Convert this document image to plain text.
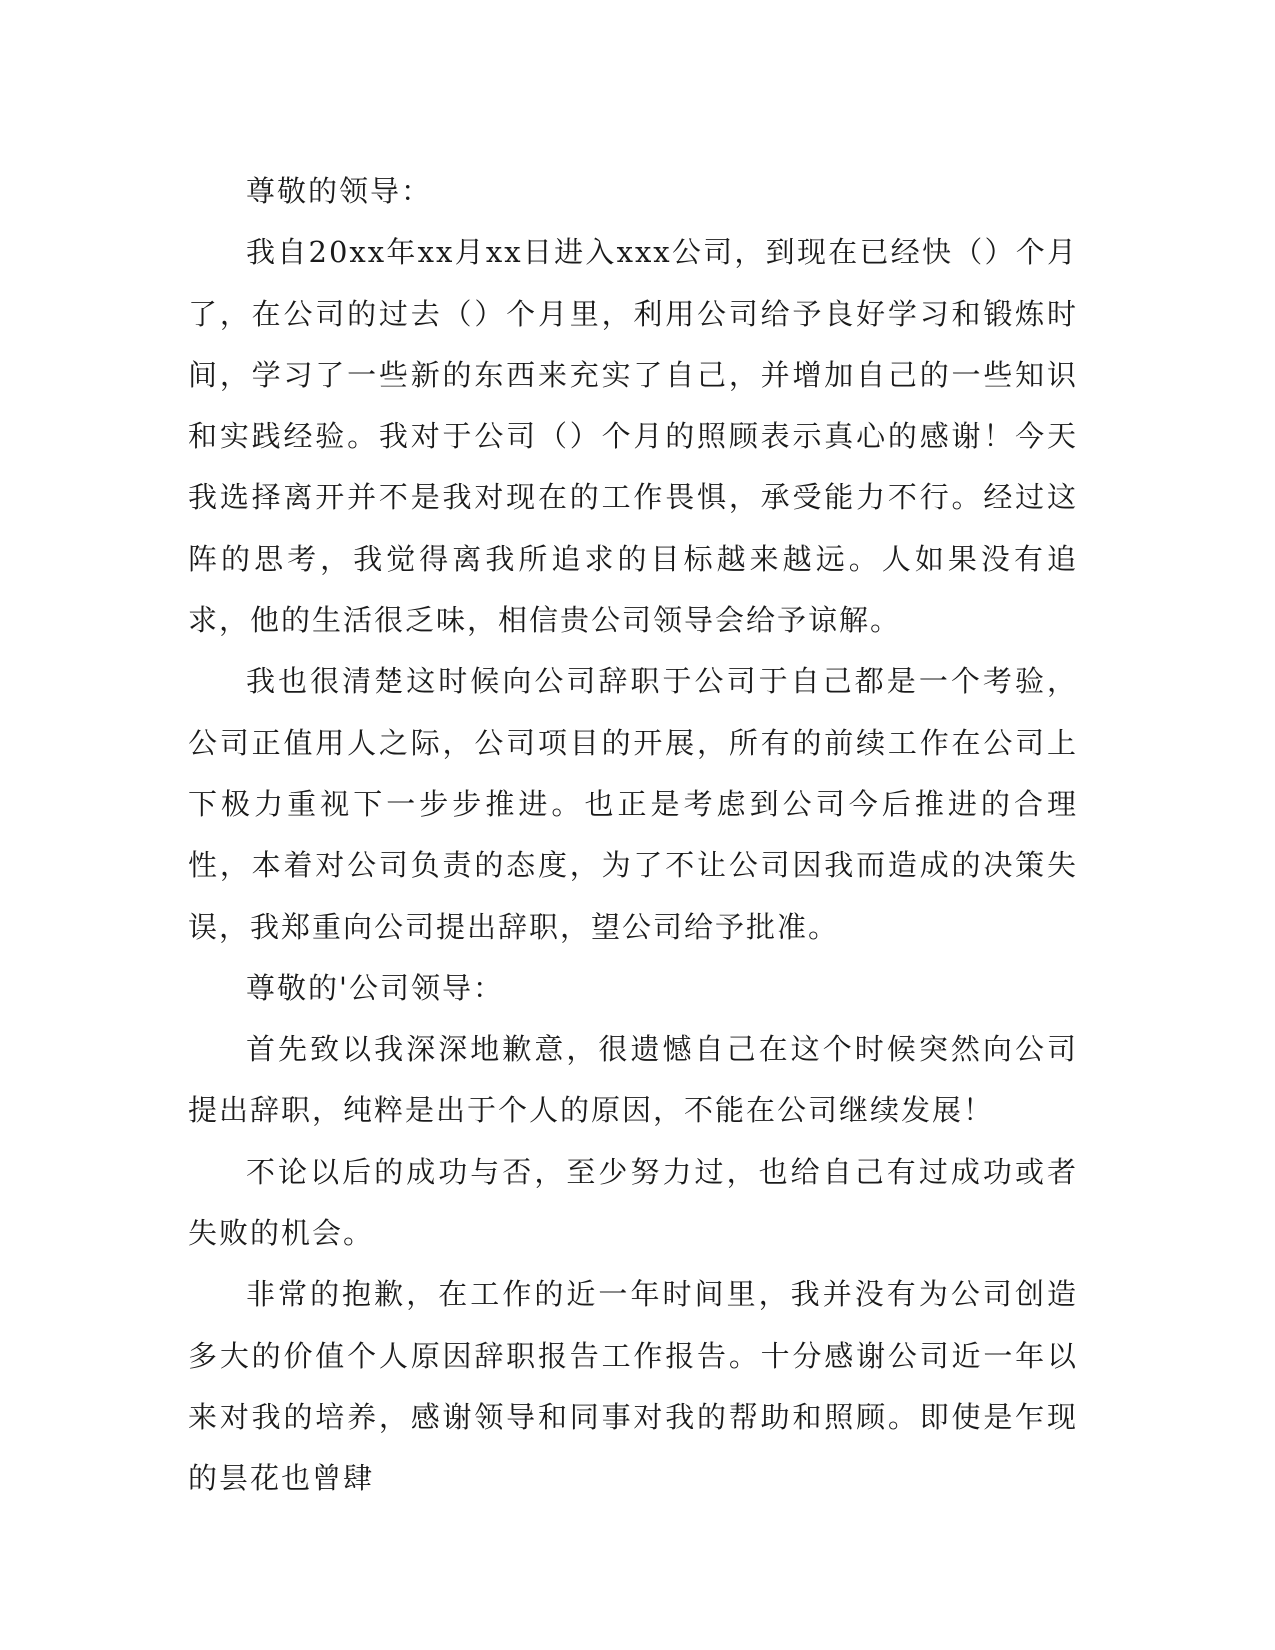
尊敬的领导：

我自20xx年xx月xx日进入xxx公司，到现在已经快（）个月了，在公司的过去（）个月里，利用公司给予良好学习和锻炼时间，学习了一些新的东西来充实了自己，并增加自己的一些知识和实践经验。我对于公司（）个月的照顾表示真心的感谢！今天我选择离开并不是我对现在的工作畏惧，承受能力不行。经过这阵的思考，我觉得离我所追求的目标越来越远。人如果没有追求，他的生活很乏味，相信贵公司领导会给予谅解。

我也很清楚这时候向公司辞职于公司于自己都是一个考验，公司正值用人之际，公司项目的开展，所有的前续工作在公司上下极力重视下一步步推进。也正是考虑到公司今后推进的合理性，本着对公司负责的态度，为了不让公司因我而造成的决策失误，我郑重向公司提出辞职，望公司给予批准。

尊敬的'公司领导：

首先致以我深深地歉意，很遗憾自己在这个时候突然向公司提出辞职，纯粹是出于个人的原因，不能在公司继续发展！

不论以后的成功与否，至少努力过，也给自己有过成功或者失败的机会。

非常的抱歉，在工作的近一年时间里，我并没有为公司创造多大的价值个人原因辞职报告工作报告。十分感谢公司近一年以来对我的培养，感谢领导和同事对我的帮助和照顾。即使是乍现的昙花也曾肆
